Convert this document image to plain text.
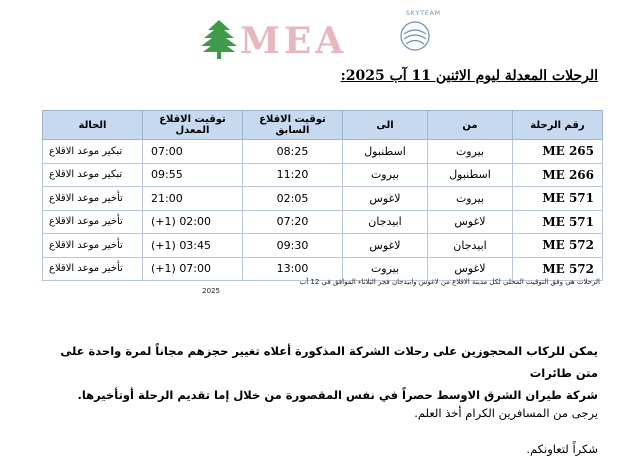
MEA
SKYTEAM
الرحلات المعدلة ليوم الاثنين 11 آب 2025:
رقم الرحلة	من	الى	توقيت الاقلاع السابق	توقيت الاقلاع المعدل	الحالة
ME 265	بيروت	اسطنبول	08:25	07:00	تبكير موعد الاقلاع
ME 266	اسطنبول	بيروت	11:20	09:55	تبكير موعد الاقلاع
ME 571	بيروت	لاغوس	02:05	21:00	تأخير موعد الاقلاع
ME 571	لاغوس	ابيدجان	07:20	02:00 (1+)	تأخير موعد الاقلاع
ME 572	ابيدجان	لاغوس	09:30	03:45 (1+)	تأخير موعد الاقلاع
ME 572	لاغوس	بيروت	13:00	07:00 (1+)	تأخير موعد الاقلاع
الرحلات هي وفق التوقيت المحلي لكل مدينة الاقلاع من لاغوس وابيدجان فجر الثلاثاء الموافق في 12 آب
2025
يمكن للركاب المحجوزين على رحلات الشركة المذكورة أعلاه تغيير حجزهم مجاناً لمرة واحدة على متن طائرات
شركة طيران الشرق الاوسط حصراً في نفس المقصورة من خلال إما تقديم الرحلة أوتأخيرها.
يرجى من المسافرين الكرام أخذ العلم.
شكراً لتعاونكم.
